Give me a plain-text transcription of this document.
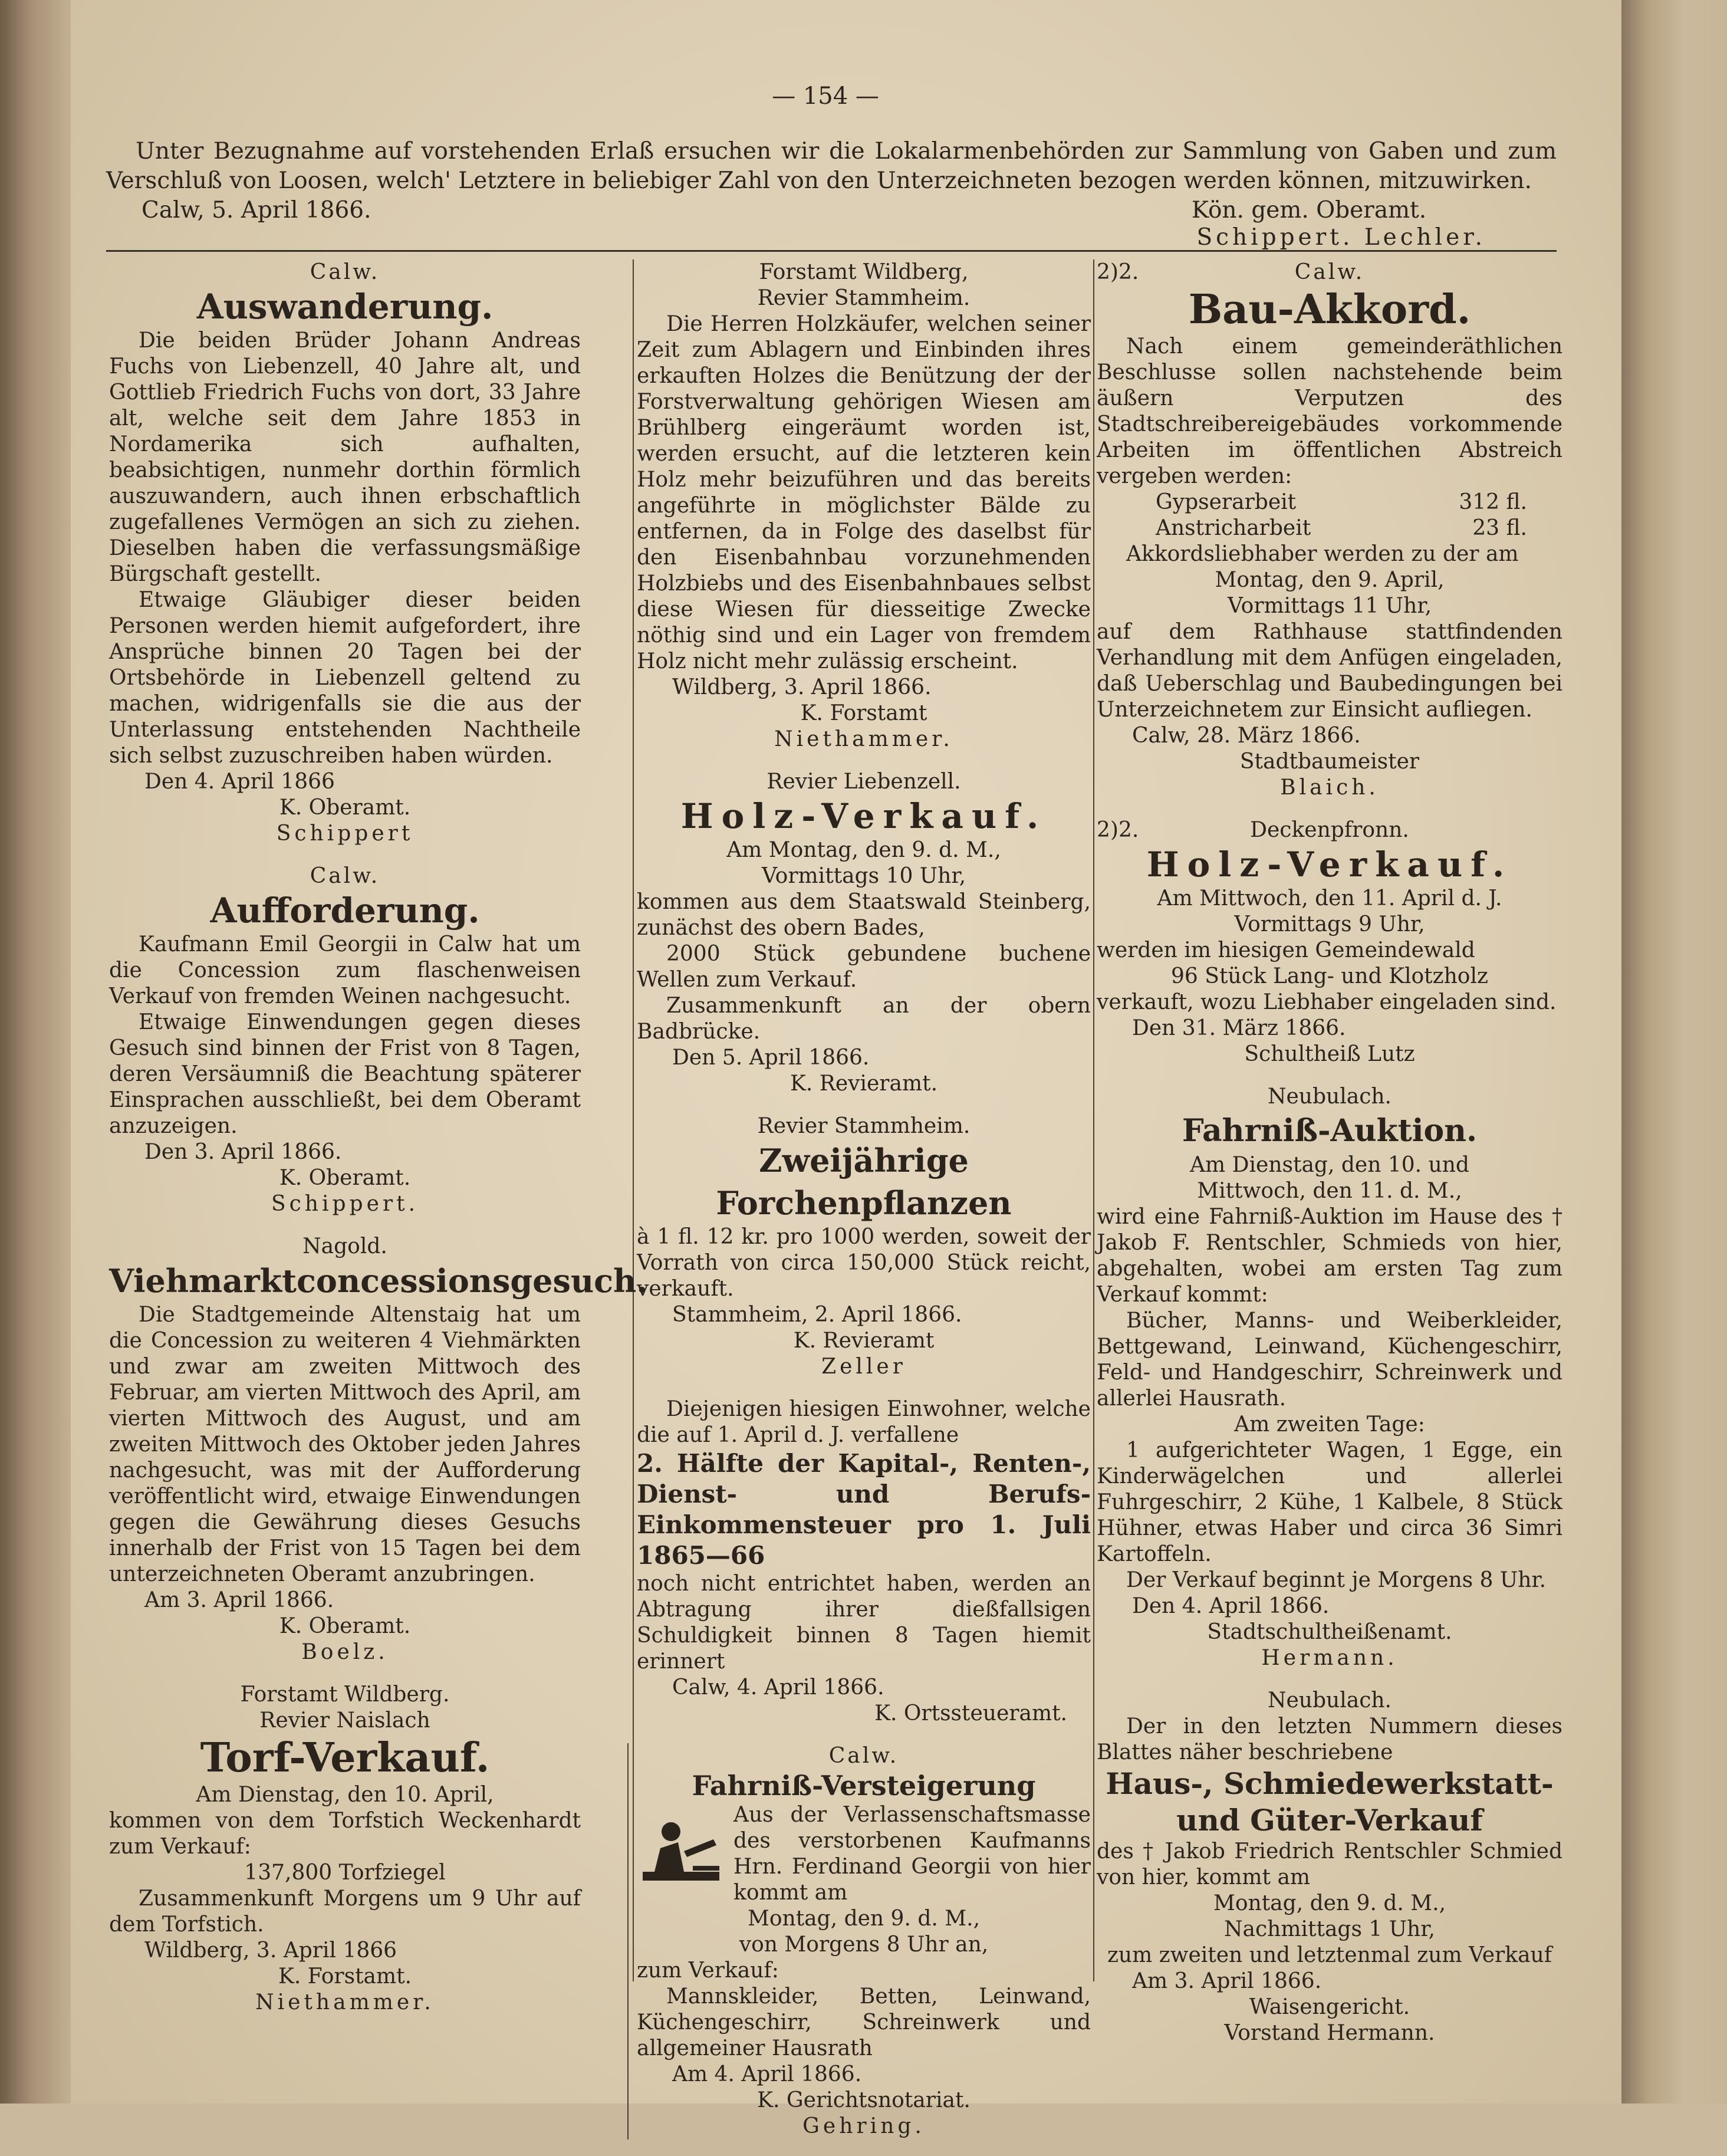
— 154 —

Unter Bezugnahme auf vorstehenden Erlaß ersuchen wir die Lokalarmenbehörden zur Sammlung von Gaben und zum Verschluß von Loosen, welch' Letztere in beliebiger Zahl von den Unterzeichneten bezogen werden können, mitzuwirken.

Calw, 5. April 1866.	Kön. gem. Oberamt.
Schippert. Lechler.
Calw.
Auswanderung.

Die beiden Brüder Johann Andreas Fuchs von Liebenzell, 40 Jahre alt, und Gottlieb Friedrich Fuchs von dort, 33 Jahre alt, welche seit dem Jahre 1853 in Nordamerika sich aufhalten, beabsichtigen, nunmehr dorthin förmlich auszuwandern, auch ihnen erbschaftlich zugefallenes Vermögen an sich zu ziehen. Dieselben haben die verfassungsmäßige Bürgschaft gestellt.

Etwaige Gläubiger dieser beiden Personen werden hiemit aufgefordert, ihre Ansprüche binnen 20 Tagen bei der Ortsbehörde in Liebenzell geltend zu machen, widrigenfalls sie die aus der Unterlassung entstehenden Nachtheile sich selbst zuzuschreiben haben würden.

Den 4. April 1866
K. Oberamt.
Schippert
Calw.
Aufforderung.

Kaufmann Emil Georgii in Calw hat um die Concession zum flaschenweisen Verkauf von fremden Weinen nachgesucht.

Etwaige Einwendungen gegen dieses Gesuch sind binnen der Frist von 8 Tagen, deren Versäumniß die Beachtung späterer Einsprachen ausschließt, bei dem Oberamt anzuzeigen.

Den 3. April 1866.
K. Oberamt.
Schippert.
Nagold.
Viehmarktconcessionsgesuch.

Die Stadtgemeinde Altenstaig hat um die Concession zu weiteren 4 Viehmärkten und zwar am zweiten Mittwoch des Februar, am vierten Mittwoch des April, am vierten Mittwoch des August, und am zweiten Mittwoch des Oktober jeden Jahres nachgesucht, was mit der Aufforderung veröffentlicht wird, etwaige Einwendungen gegen die Gewährung dieses Gesuchs innerhalb der Frist von 15 Tagen bei dem unterzeichneten Oberamt anzubringen.

Am 3. April 1866.
K. Oberamt.
Boelz.
Forstamt Wildberg.
Revier Naislach
Torf-Verkauf.
Am Dienstag, den 10. April,

kommen von dem Torfstich Weckenhardt zum Verkauf:

137,800 Torfziegel

Zusammenkunft Morgens um 9 Uhr auf dem Torfstich.

Wildberg, 3. April 1866
K. Forstamt.
Niethammer.
Forstamt Wildberg,
Revier Stammheim.

Die Herren Holzkäufer, welchen seiner Zeit zum Ablagern und Einbinden ihres erkauften Holzes die Benützung der der Forstverwaltung gehörigen Wiesen am Brühlberg eingeräumt worden ist, werden ersucht, auf die letzteren kein Holz mehr beizuführen und das bereits angeführte in möglichster Bälde zu entfernen, da in Folge des daselbst für den Eisenbahnbau vorzunehmenden Holzbiebs und des Eisenbahnbaues selbst diese Wiesen für diesseitige Zwecke nöthig sind und ein Lager von fremdem Holz nicht mehr zulässig erscheint.

Wildberg, 3. April 1866.
K. Forstamt
Niethammer.
Revier Liebenzell.
Holz-Verkauf.
Am Montag, den 9. d. M.,
Vormittags 10 Uhr,

kommen aus dem Staatswald Steinberg, zunächst des obern Bades,

2000 Stück gebundene buchene Wellen zum Verkauf.

Zusammenkunft an der obern Badbrücke.

Den 5. April 1866.
K. Revieramt.
Revier Stammheim.
Zweijährige Forchenpflanzen

à 1 fl. 12 kr. pro 1000 werden, soweit der Vorrath von circa 150,000 Stück reicht, verkauft.

Stammheim, 2. April 1866.
K. Revieramt
Zeller

Diejenigen hiesigen Einwohner, welche die auf 1. April d. J. verfallene

2. Hälfte der Kapital-, Renten-, Dienst- und Berufs-Einkommensteuer pro 1. Juli 1865—66

noch nicht entrichtet haben, werden an Abtragung ihrer dießfallsigen Schuldigkeit binnen 8 Tagen hiemit erinnert

Calw, 4. April 1866.
K. Ortssteueramt.
Calw.
Fahrniß-Versteigerung

Aus der Verlassenschaftsmasse des verstorbenen Kaufmanns Hrn. Ferdinand Georgii von hier kommt am

Montag, den 9. d. M.,
von Morgens 8 Uhr an,

zum Verkauf:

Mannskleider, Betten, Leinwand, Küchengeschirr, Schreinwerk und allgemeiner Hausrath

Am 4. April 1866.
K. Gerichtsnotariat.
Gehring.
2)2.	Calw.
Bau-Akkord.

Nach einem gemeinderäthlichen Beschlusse sollen nachstehende beim äußern Verputzen des Stadtschreibereigebäudes vorkommende Arbeiten im öffentlichen Abstreich vergeben werden:

Gypserarbeit	312 fl.
Anstricharbeit	23 fl.

Akkordsliebhaber werden zu der am

Montag, den 9. April,
Vormittags 11 Uhr,

auf dem Rathhause stattfindenden Verhandlung mit dem Anfügen eingeladen, daß Ueberschlag und Baubedingungen bei Unterzeichnetem zur Einsicht aufliegen.

Calw, 28. März 1866.
Stadtbaumeister
Blaich.
2)2.	Deckenpfronn.
Holz-Verkauf.
Am Mittwoch, den 11. April d. J.
Vormittags 9 Uhr,

werden im hiesigen Gemeindewald

96 Stück Lang- und Klotzholz

verkauft, wozu Liebhaber eingeladen sind.

Den 31. März 1866.
Schultheiß Lutz
Neubulach.
Fahrniß-Auktion.
Am Dienstag, den 10. und
Mittwoch, den 11. d. M.,

wird eine Fahrniß-Auktion im Hause des † Jakob F. Rentschler, Schmieds von hier, abgehalten, wobei am ersten Tag zum Verkauf kommt:

Bücher, Manns- und Weiberkleider, Bettgewand, Leinwand, Küchengeschirr, Feld- und Handgeschirr, Schreinwerk und allerlei Hausrath.

Am zweiten Tage:

1 aufgerichteter Wagen, 1 Egge, ein Kinderwägelchen und allerlei Fuhrgeschirr, 2 Kühe, 1 Kalbele, 8 Stück Hühner, etwas Haber und circa 36 Simri Kartoffeln.

Der Verkauf beginnt je Morgens 8 Uhr.

Den 4. April 1866.
Stadtschultheißenamt.
Hermann.
Neubulach.

Der in den letzten Nummern dieses Blattes näher beschriebene

Haus-, Schmiedewerkstatt- und Güter-Verkauf

des † Jakob Friedrich Rentschler Schmied von hier, kommt am

Montag, den 9. d. M.,
Nachmittags 1 Uhr,

zum zweiten und letztenmal zum Verkauf

Am 3. April 1866.
Waisengericht.
Vorstand Hermann.
